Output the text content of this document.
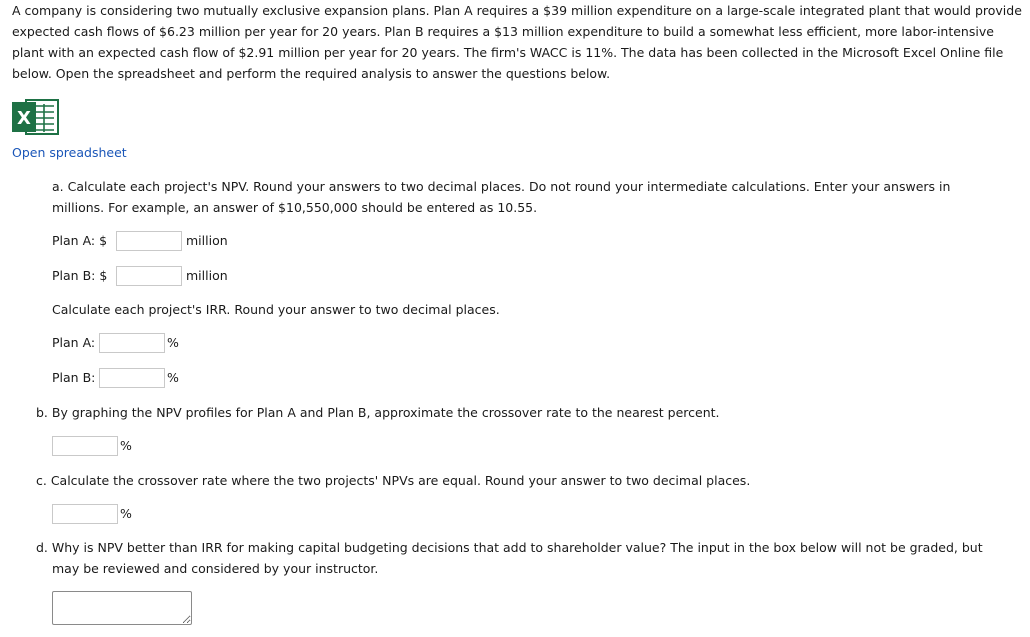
A company is considering two mutually exclusive expansion plans. Plan A requires a $39 million expenditure on a large-scale integrated plant that would provide expected cash flows of $6.23 million per year for 20 years. Plan B requires a $13 million expenditure to build a somewhat less efficient, more labor-intensive plant with an expected cash flow of $2.91 million per year for 20 years. The firm's WACC is 11%. The data has been collected in the Microsoft Excel Online file below. Open the spreadsheet and perform the required analysis to answer the questions below.

X
Open spreadsheet

a. Calculate each project's NPV. Round your answers to two decimal places. Do not round your intermediate calculations. Enter your answers in millions. For example, an answer of $10,550,000 should be entered as 10.55.

Plan A: $	million
Plan B: $	million

Calculate each project's IRR. Round your answer to two decimal places.

Plan A:	%
Plan B:	%

b. By graphing the NPV profiles for Plan A and Plan B, approximate the crossover rate to the nearest percent.

%

c. Calculate the crossover rate where the two projects' NPVs are equal. Round your answer to two decimal places.

%

d. Why is NPV better than IRR for making capital budgeting decisions that add to shareholder value? The input in the box below will not be graded, but may be reviewed and considered by your instructor.
